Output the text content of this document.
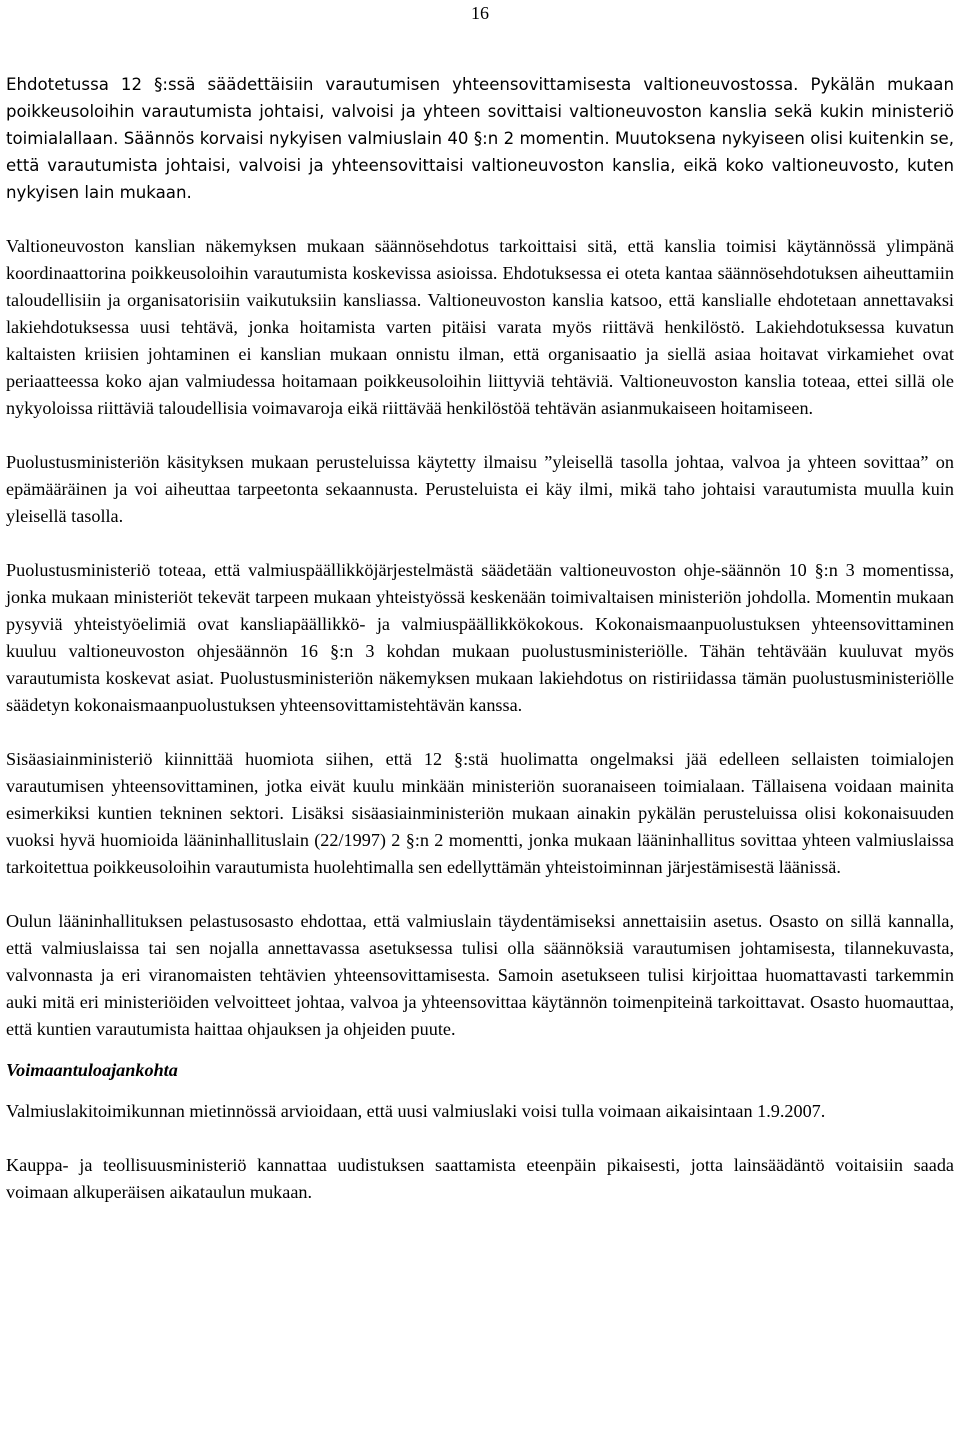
16

Ehdotetussa 12 §:ssä säädettäisiin varautumisen yhteensovittamisesta valtioneuvostossa. Pykälän mukaan poikkeusoloihin varautumista johtaisi, valvoisi ja yhteen sovittaisi valtioneuvoston kanslia sekä kukin ministeriö toimialallaan. Säännös korvaisi nykyisen valmiuslain 40 §:n 2 momentin. Muutoksena nykyiseen olisi kuitenkin se, että varautumista johtaisi, valvoisi ja yhteensovittaisi valtioneuvoston kanslia, eikä koko valtioneuvosto, kuten nykyisen lain mukaan.

Valtioneuvoston kanslian näkemyksen mukaan säännösehdotus tarkoittaisi sitä, että kanslia toimisi käytännössä ylimpänä koordinaattorina poikkeusoloihin varautumista koskevissa asioissa. Ehdotuksessa ei oteta kantaa säännösehdotuksen aiheuttamiin taloudellisiin ja organisatorisiin vaikutuksiin kansliassa. Valtioneuvoston kanslia katsoo, että kanslialle ehdotetaan annettavaksi lakiehdotuksessa uusi tehtävä, jonka hoitamista varten pitäisi varata myös riittävä henkilöstö. Lakiehdotuksessa kuvatun kaltaisten kriisien johtaminen ei kanslian mukaan onnistu ilman, että organisaatio ja siellä asiaa hoitavat virkamiehet ovat periaatteessa koko ajan valmiudessa hoitamaan poikkeusoloihin liittyviä tehtäviä. Valtioneuvoston kanslia toteaa, ettei sillä ole nykyoloissa riittäviä taloudellisia voimavaroja eikä riittävää henkilöstöä tehtävän asianmukaiseen hoitamiseen.

Puolustusministeriön käsityksen mukaan perusteluissa käytetty ilmaisu ”yleisellä tasolla johtaa, valvoa ja yhteen sovittaa” on epämääräinen ja voi aiheuttaa tarpeetonta sekaannusta. Perusteluista ei käy ilmi, mikä taho johtaisi varautumista muulla kuin yleisellä tasolla.

Puolustusministeriö toteaa, että valmiuspäällikköjärjestelmästä säädetään valtioneuvoston ohje-säännön 10 §:n 3 momentissa, jonka mukaan ministeriöt tekevät tarpeen mukaan yhteistyössä keskenään toimivaltaisen ministeriön johdolla. Momentin mukaan pysyviä yhteistyöelimiä ovat kansliapäällikkö- ja valmiuspäällikkökokous. Kokonaismaanpuolustuksen yhteensovittaminen kuuluu valtioneuvoston ohjesäännön 16 §:n 3 kohdan mukaan puolustusministeriölle. Tähän tehtävään kuuluvat myös varautumista koskevat asiat. Puolustusministeriön näkemyksen mukaan lakiehdotus on ristiriidassa tämän puolustusministeriölle säädetyn kokonaismaanpuolustuksen yhteensovittamistehtävän kanssa.

Sisäasiainministeriö kiinnittää huomiota siihen, että 12 §:stä huolimatta ongelmaksi jää edelleen sellaisten toimialojen varautumisen yhteensovittaminen, jotka eivät kuulu minkään ministeriön suoranaiseen toimialaan. Tällaisena voidaan mainita esimerkiksi kuntien tekninen sektori. Lisäksi sisäasiainministeriön mukaan ainakin pykälän perusteluissa olisi kokonaisuuden vuoksi hyvä huomioida lääninhallituslain (22/1997) 2 §:n 2 momentti, jonka mukaan lääninhallitus sovittaa yhteen valmiuslaissa tarkoitettua poikkeusoloihin varautumista huolehtimalla sen edellyttämän yhteistoiminnan järjestämisestä läänissä.

Oulun lääninhallituksen pelastusosasto ehdottaa, että valmiuslain täydentämiseksi annettaisiin asetus. Osasto on sillä kannalla, että valmiuslaissa tai sen nojalla annettavassa asetuksessa tulisi olla säännöksiä varautumisen johtamisesta, tilannekuvasta, valvonnasta ja eri viranomaisten tehtävien yhteensovittamisesta. Samoin asetukseen tulisi kirjoittaa huomattavasti tarkemmin auki mitä eri ministeriöiden velvoitteet johtaa, valvoa ja yhteensovittaa käytännön toimenpiteinä tarkoittavat. Osasto huomauttaa, että kuntien varautumista haittaa ohjauksen ja ohjeiden puute.

Voimaantuloajankohta

Valmiuslakitoimikunnan mietinnössä arvioidaan, että uusi valmiuslaki voisi tulla voimaan aikaisintaan 1.9.2007.

Kauppa- ja teollisuusministeriö kannattaa uudistuksen saattamista eteenpäin pikaisesti, jotta lainsäädäntö voitaisiin saada voimaan alkuperäisen aikataulun mukaan.
